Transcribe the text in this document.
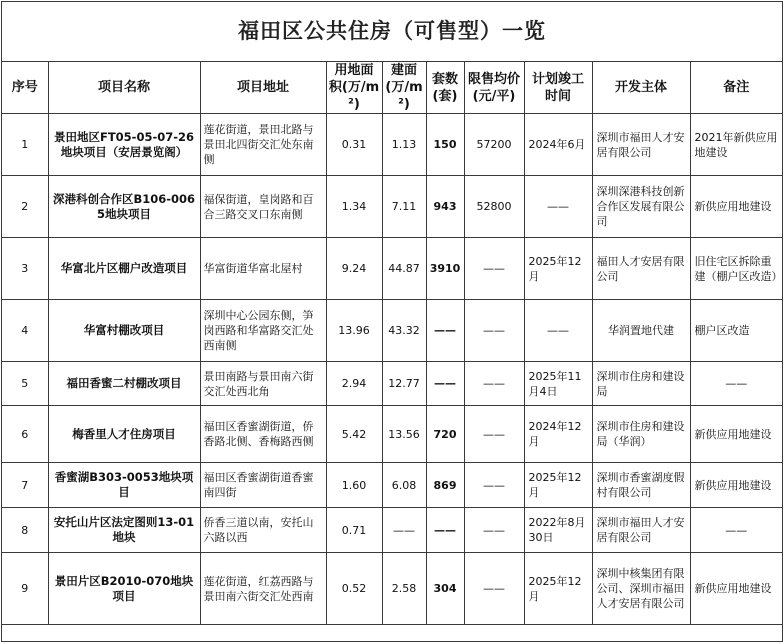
福田区公共住房（可售型）一览
序号	项目名称	项目地址	用地面积(万/m²)	建面(万/m²)	套数(套)	限售均价(元/平)	计划竣工时间	开发主体	备注
1	景田地区FT05-05-07-26地块项目（安居景览阁）	莲花街道，景田北路与景田北四街交汇处东南侧	0.31	1.13	150	57200	2024年6月	深圳市福田人才安居有限公司	2021年新供应用地建设
2	深港科创合作区B106-0065地块项目	福保街道，皇岗路和百合三路交叉口东南侧	1.34	7.11	943	52800	——	深圳深港科技创新合作区发展有限公司	新供应用地建设
3	华富北片区棚户改造项目	华富街道华富北屋村	9.24	44.87	3910	——	2025年12月	福田人才安居有限公司	旧住宅区拆除重建（棚户区改造）
4	华富村棚改项目	深圳中心公园东侧，笋岗西路和华富路交汇处西南侧	13.96	43.32	——	——	——	华润置地代建	棚户区改造
5	福田香蜜二村棚改项目	景田南路与景田南六街交汇处西北角	2.94	12.77	——	——	2025年11月4日	深圳市住房和建设局	——
6	梅香里人才住房项目	福田区香蜜湖街道，侨香路北侧、香梅路西侧	5.42	13.56	720	——	2024年12月	深圳市住房和建设局（华润）	新供应用地建设
7	香蜜湖B303-0053地块项目	福田区香蜜湖街道香蜜南四街	1.60	6.08	869	——	2025年12月	深圳市香蜜湖度假村有限公司	新供应用地建设
8	安托山片区法定图则13-01地块	侨香三道以南，安托山六路以西	0.71	——	——	——	2022年8月30日	深圳市福田人才安居有限公司	——
9	景田片区B2010-070地块项目	莲花街道，红荔西路与景田南六街交汇处西南	0.52	2.58	304	——	2025年12月	深圳中核集团有限公司、深圳市福田人才安居有限公司	新供应用地建设
